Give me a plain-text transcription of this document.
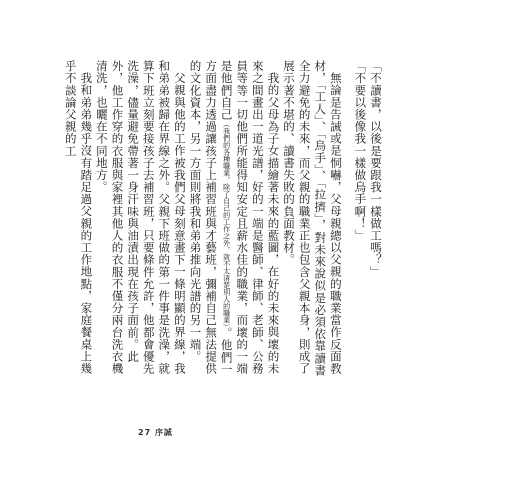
「不讀書，以後是要跟我一樣做工嗎？」

「不要以後像我一樣做烏手啊！」

無論是告誡或是恫嚇，父母親總以父親的職業當作反面教材，「工人」、「烏手」、「拉擠」，對未來說似是必須依靠讀書全力避免的未來，而父親的職業正也包含父親本身，則成了展示著不堪的、讀書失敗的負面教材。

我的父母為子女描繪著未來的藍圖，在好的未來與壞的未來之間畫出一道光譜，好的一端是醫師、律師、老師、公務員等等一切他們所能得知安定且薪水佳的職業，而壞的一端是他們自己（我們的各種職業，除了自己的工作之外，就不太清楚別人的職業）。他們一方面盡力透過讓孩子上補習班與才藝班，彌補自己無法提供的文化資本，另一方面則將我和弟弟推向光譜的另一端。

父親與他的工作被我們父母刻意畫下一條明顯的界線，我和弟弟被歸在界線之外。父親下班做的第一件事是洗澡，就算下班立刻要接孩子去補習班，只要條件允許，他都會優先洗澡，儘量避免帶著一身汗味與油漬出現在孩子面前。此外，他工作穿的衣服與家裡其他人的衣服不僅分兩台洗衣機清洗，也曬在不同地方。

我和弟弟幾乎沒有踏足過父親的工作地點，家庭餐桌上幾乎不談論父親的工

27 序誠
